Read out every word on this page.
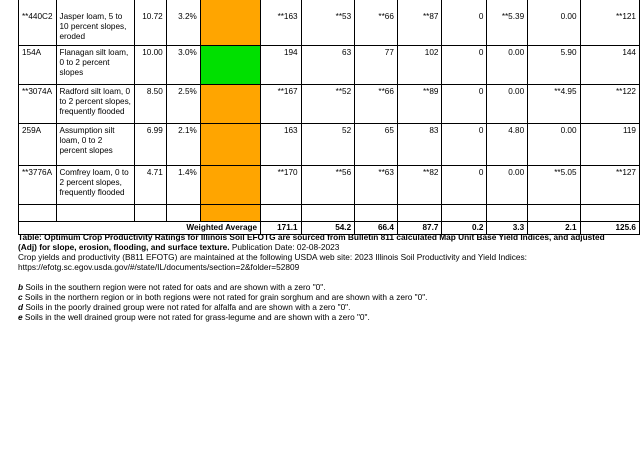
**440C2	Jasper loam, 5 to 10 percent slopes, eroded	10.72	3.2%		**163	**53	**66	**87	0	**5.39	0.00	**121
154A	Flanagan silt loam, 0 to 2 percent slopes	10.00	3.0%		194	63	77	102	0	0.00	5.90	144
**3074A	Radford silt loam, 0 to 2 percent slopes, frequently flooded	8.50	2.5%		**167	**52	**66	**89	0	0.00	**4.95	**122
259A	Assumption silt loam, 0 to 2 percent slopes	6.99	2.1%		163	52	65	83	0	4.80	0.00	119
**3776A	Comfrey loam, 0 to 2 percent slopes, frequently flooded	4.71	1.4%		**170	**56	**63	**82	0	0.00	**5.05	**127

Weighted Average					171.1	54.2	66.4	87.7	0.2	3.3	2.1	125.6

Table: Optimum Crop Productivity Ratings for Illinois Soil EFOTG are sourced from Bulletin 811 calculated Map Unit Base Yield Indices, and adjusted (Adj) for slope, erosion, flooding, and surface texture. Publication Date: 02-08-2023

Crop yields and productivity (B811 EFOTG) are maintained at the following USDA web site: 2023 Illinois Soil Productivity and Yield Indices:

https://efotg.sc.egov.usda.gov/#/state/IL/documents/section=2&folder=52809

b Soils in the southern region were not rated for oats and are shown with a zero "0".

c Soils in the northern region or in both regions were not rated for grain sorghum and are shown with a zero "0".

d Soils in the poorly drained group were not rated for alfalfa and are shown with a zero "0".

e Soils in the well drained group were not rated for grass-legume and are shown with a zero "0".
